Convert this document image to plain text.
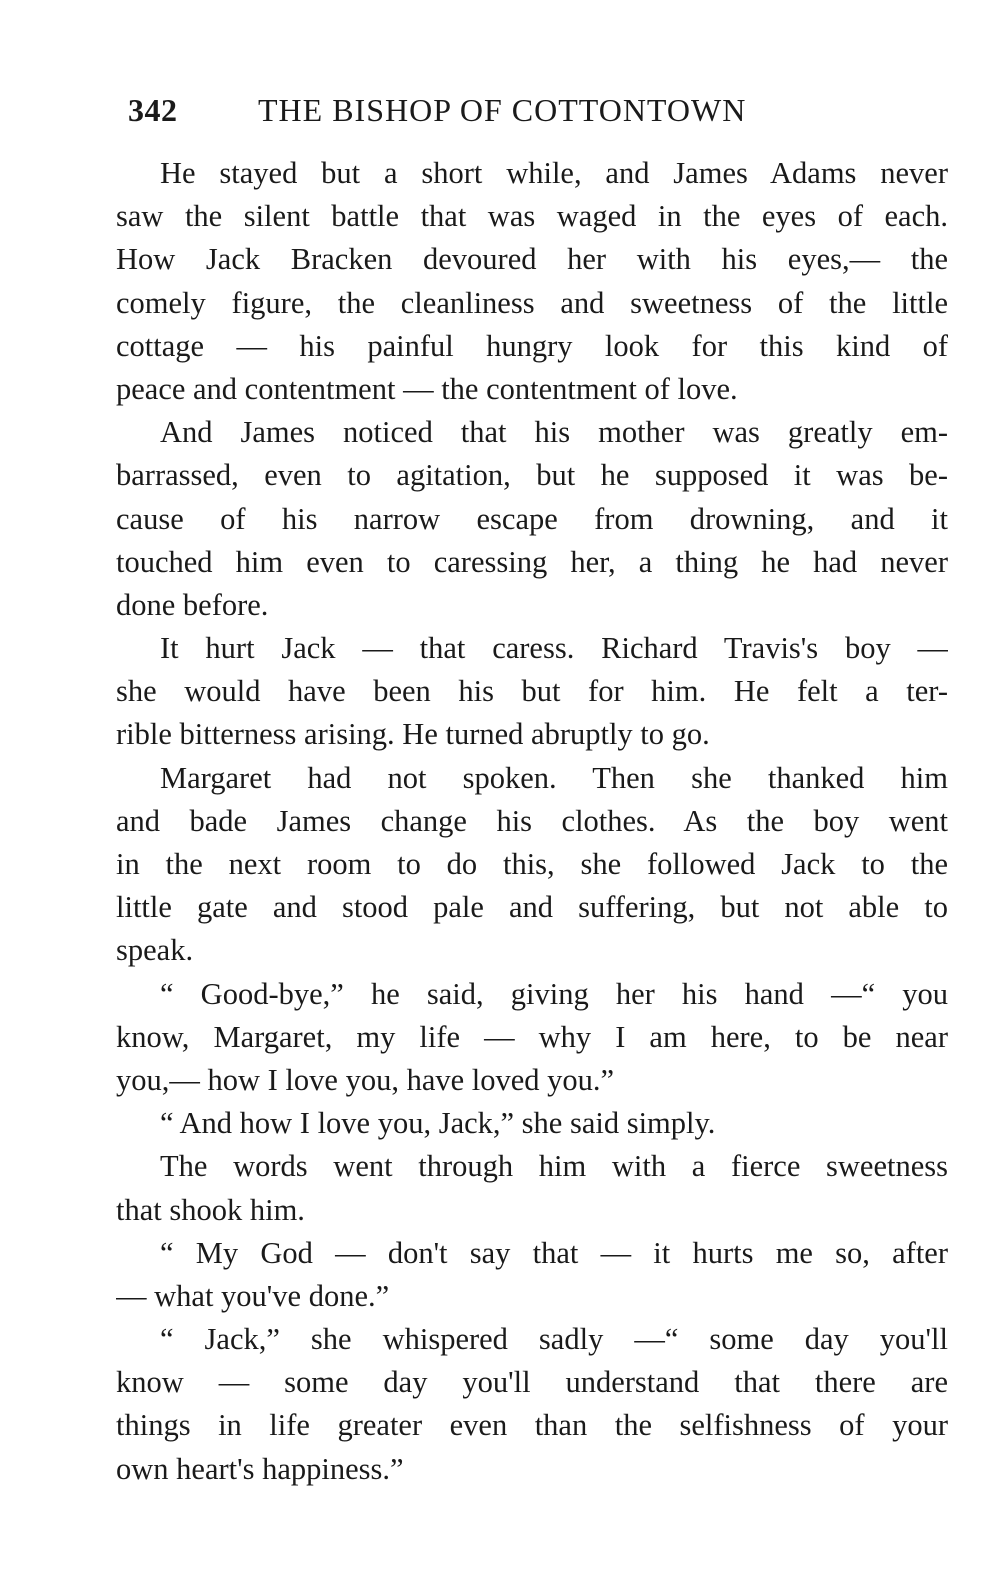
342	THE BISHOP OF COTTONTOWN
He stayed but a short while, and James Adams never
saw the silent battle that was waged in the eyes of each.
How Jack Bracken devoured her with his eyes,— the
comely figure, the cleanliness and sweetness of the little
cottage — his painful hungry look for this kind of
peace and contentment — the contentment of love.
And James noticed that his mother was greatly em-
barrassed, even to agitation, but he supposed it was be-
cause of his narrow escape from drowning, and it
touched him even to caressing her, a thing he had never
done before.
It hurt Jack — that caress. Richard Travis's boy —
she would have been his but for him. He felt a ter-
rible bitterness arising. He turned abruptly to go.
Margaret had not spoken. Then she thanked him
and bade James change his clothes. As the boy went
in the next room to do this, she followed Jack to the
little gate and stood pale and suffering, but not able to
speak.
“ Good-bye,” he said, giving her his hand —“ you
know, Margaret, my life — why I am here, to be near
you,— how I love you, have loved you.”
“ And how I love you, Jack,” she said simply.
The words went through him with a fierce sweetness
that shook him.
“ My God — don't say that — it hurts me so, after
— what you've done.”
“ Jack,” she whispered sadly —“ some day you'll
know — some day you'll understand that there are
things in life greater even than the selfishness of your
own heart's happiness.”
